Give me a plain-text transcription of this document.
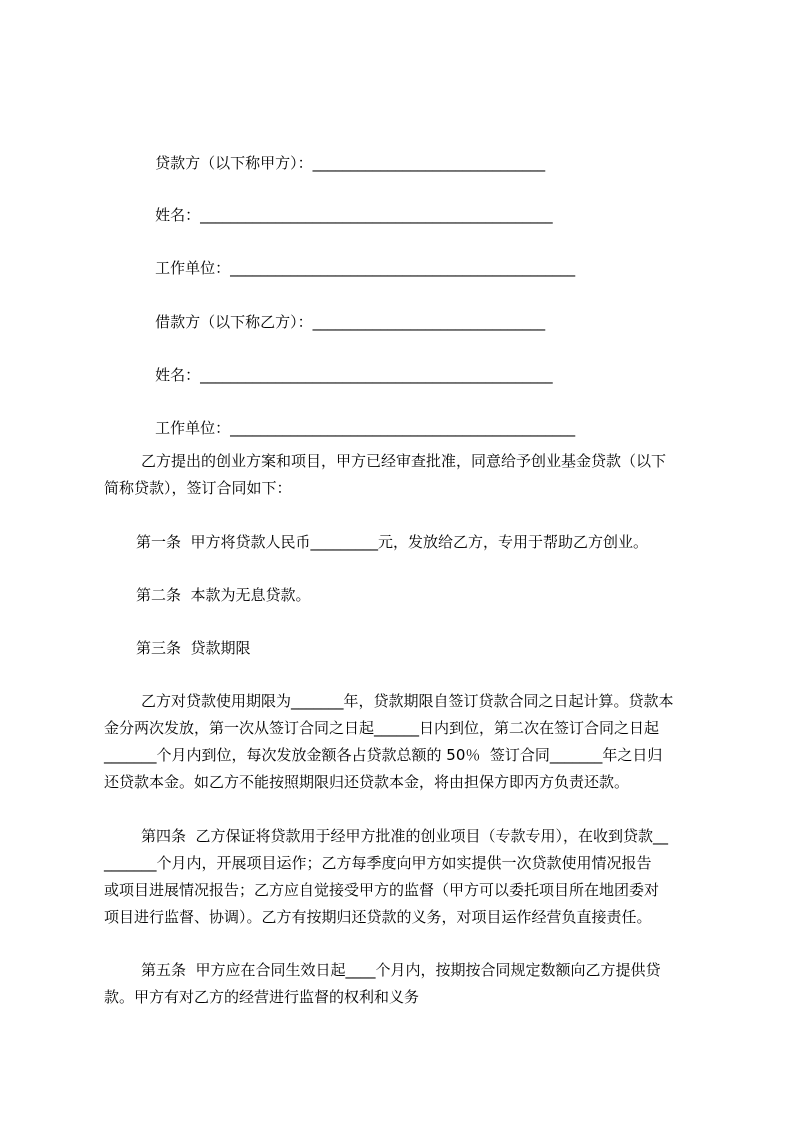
贷款方（以下称甲方）：_______________________________

姓名：_______________________________________________

工作单位：______________________________________________

借款方（以下称乙方）：_______________________________

姓名：_______________________________________________

工作单位：______________________________________________

乙方提出的创业方案和项目，甲方已经审查批准，同意给予创业基金贷款（以下
简称贷款），签订合同如下：
第一条  甲方将贷款人民币_________元，发放给乙方，专用于帮助乙方创业。
第二条  本款为无息贷款。
第三条  贷款期限
乙方对贷款使用期限为_______年，贷款期限自签订贷款合同之日起计算。贷款本
金分两次发放，第一次从签订合同之日起______日内到位，第二次在签订合同之日起
_______个月内到位，每次发放金额各占贷款总额的 50％  签订合同_______年之日归
还贷款本金。如乙方不能按照期限归还贷款本金，将由担保方即丙方负责还款。
第四条  乙方保证将贷款用于经甲方批准的创业项目（专款专用），在收到贷款__
_______个月内，开展项目运作；乙方每季度向甲方如实提供一次贷款使用情况报告
或项目进展情况报告；乙方应自觉接受甲方的监督（甲方可以委托项目所在地团委对
项目进行监督、协调）。乙方有按期归还贷款的义务，对项目运作经营负直接责任。
第五条  甲方应在合同生效日起____个月内，按期按合同规定数额向乙方提供贷
款。甲方有对乙方的经营进行监督的权利和义务
